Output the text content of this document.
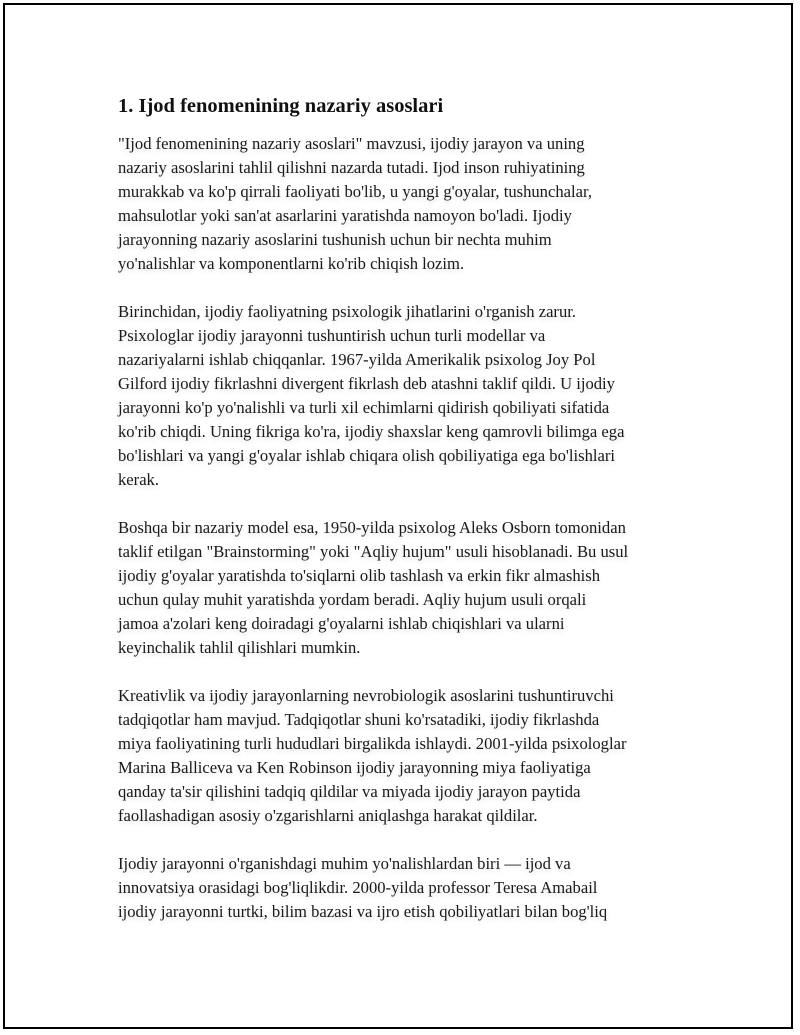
1. Ijod fenomenining nazariy asoslari

"Ijod fenomenining nazariy asoslari" mavzusi, ijodiy jarayon va uning
nazariy asoslarini tahlil qilishni nazarda tutadi. Ijod inson ruhiyatining
murakkab va ko'p qirrali faoliyati bo'lib, u yangi g'oyalar, tushunchalar,
mahsulotlar yoki san'at asarlarini yaratishda namoyon bo'ladi. Ijodiy
jarayonning nazariy asoslarini tushunish uchun bir nechta muhim
yo'nalishlar va komponentlarni ko'rib chiqish lozim.

Birinchidan, ijodiy faoliyatning psixologik jihatlarini o'rganish zarur.
Psixologlar ijodiy jarayonni tushuntirish uchun turli modellar va
nazariyalarni ishlab chiqqanlar. 1967-yilda Amerikalik psixolog Joy Pol
Gilford ijodiy fikrlashni divergent fikrlash deb atashni taklif qildi. U ijodiy
jarayonni ko'p yo'nalishli va turli xil echimlarni qidirish qobiliyati sifatida
ko'rib chiqdi. Uning fikriga ko'ra, ijodiy shaxslar keng qamrovli bilimga ega
bo'lishlari va yangi g'oyalar ishlab chiqara olish qobiliyatiga ega bo'lishlari
kerak.

Boshqa bir nazariy model esa, 1950-yilda psixolog Aleks Osborn tomonidan
taklif etilgan "Brainstorming" yoki "Aqliy hujum" usuli hisoblanadi. Bu usul
ijodiy g'oyalar yaratishda to'siqlarni olib tashlash va erkin fikr almashish
uchun qulay muhit yaratishda yordam beradi. Aqliy hujum usuli orqali
jamoa a'zolari keng doiradagi g'oyalarni ishlab chiqishlari va ularni
keyinchalik tahlil qilishlari mumkin.

Kreativlik va ijodiy jarayonlarning nevrobiologik asoslarini tushuntiruvchi
tadqiqotlar ham mavjud. Tadqiqotlar shuni ko'rsatadiki, ijodiy fikrlashda
miya faoliyatining turli hududlari birgalikda ishlaydi. 2001-yilda psixologlar
Marina Balliceva va Ken Robinson ijodiy jarayonning miya faoliyatiga
qanday ta'sir qilishini tadqiq qildilar va miyada ijodiy jarayon paytida
faollashadigan asosiy o'zgarishlarni aniqlashga harakat qildilar.

Ijodiy jarayonni o'rganishdagi muhim yo'nalishlardan biri — ijod va
innovatsiya orasidagi bog'liqlikdir. 2000-yilda professor Teresa Amabail
ijodiy jarayonni turtki, bilim bazasi va ijro etish qobiliyatlari bilan bog'liq
